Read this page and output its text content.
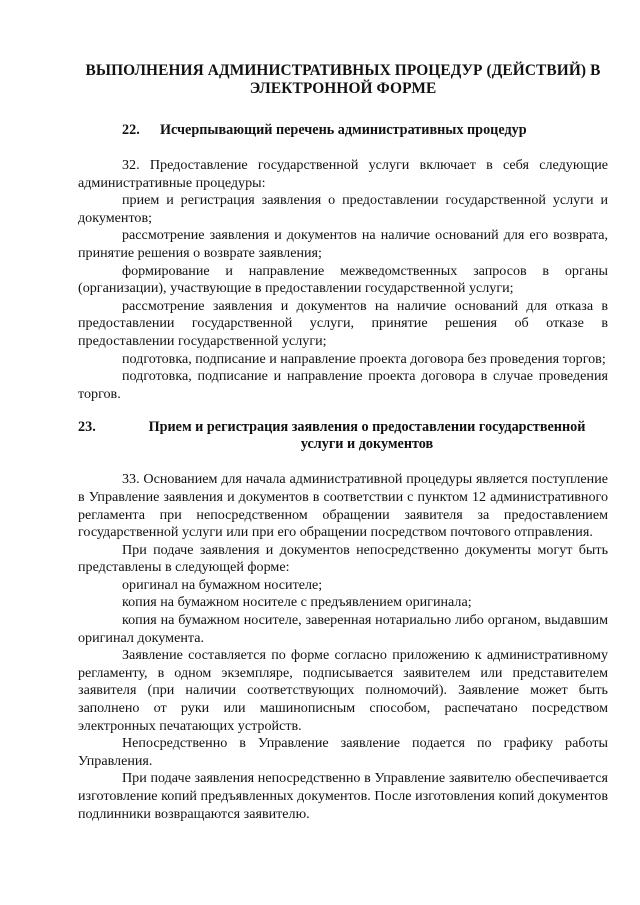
ВЫПОЛНЕНИЯ АДМИНИСТРАТИВНЫХ ПРОЦЕДУР (ДЕЙСТВИЙ) В ЭЛЕКТРОННОЙ ФОРМЕ
22.	Исчерпывающий перечень административных процедур

32. Предоставление государственной услуги включает в себя следующие административные процедуры:

прием и регистрация заявления о предоставлении государственной услуги и документов;

рассмотрение заявления и документов на наличие оснований для его возврата, принятие решения о возврате заявления;

формирование и направление межведомственных запросов в органы (организации), участвующие в предоставлении государственной услуги;

рассмотрение заявления и документов на наличие оснований для отказа в предоставлении государственной услуги, принятие решения об отказе в предоставлении государственной услуги;

подготовка, подписание и направление проекта договора без проведения торгов;

подготовка, подписание и направление проекта договора в случае проведения торгов.

23.	Прием и регистрация заявления о предоставлении государственной услуги и документов

33. Основанием для начала административной процедуры является поступление в Управление заявления и документов в соответствии с пунктом 12 административного регламента при непосредственном обращении заявителя за предоставлением государственной услуги или при его обращении посредством почтового отправления.

При подаче заявления и документов непосредственно документы могут быть представлены в следующей форме:

оригинал на бумажном носителе;

копия на бумажном носителе с предъявлением оригинала;

копия на бумажном носителе, заверенная нотариально либо органом, выдавшим оригинал документа.

Заявление составляется по форме согласно приложению к административному регламенту, в одном экземпляре, подписывается заявителем или представителем заявителя (при наличии соответствующих полномочий). Заявление может быть заполнено от руки или машинописным способом, распечатано посредством электронных печатающих устройств.

Непосредственно в Управление заявление подается по графику работы Управления.

При подаче заявления непосредственно в Управление заявителю обеспечивается изготовление копий предъявленных документов. После изготовления копий документов подлинники возвращаются заявителю.
